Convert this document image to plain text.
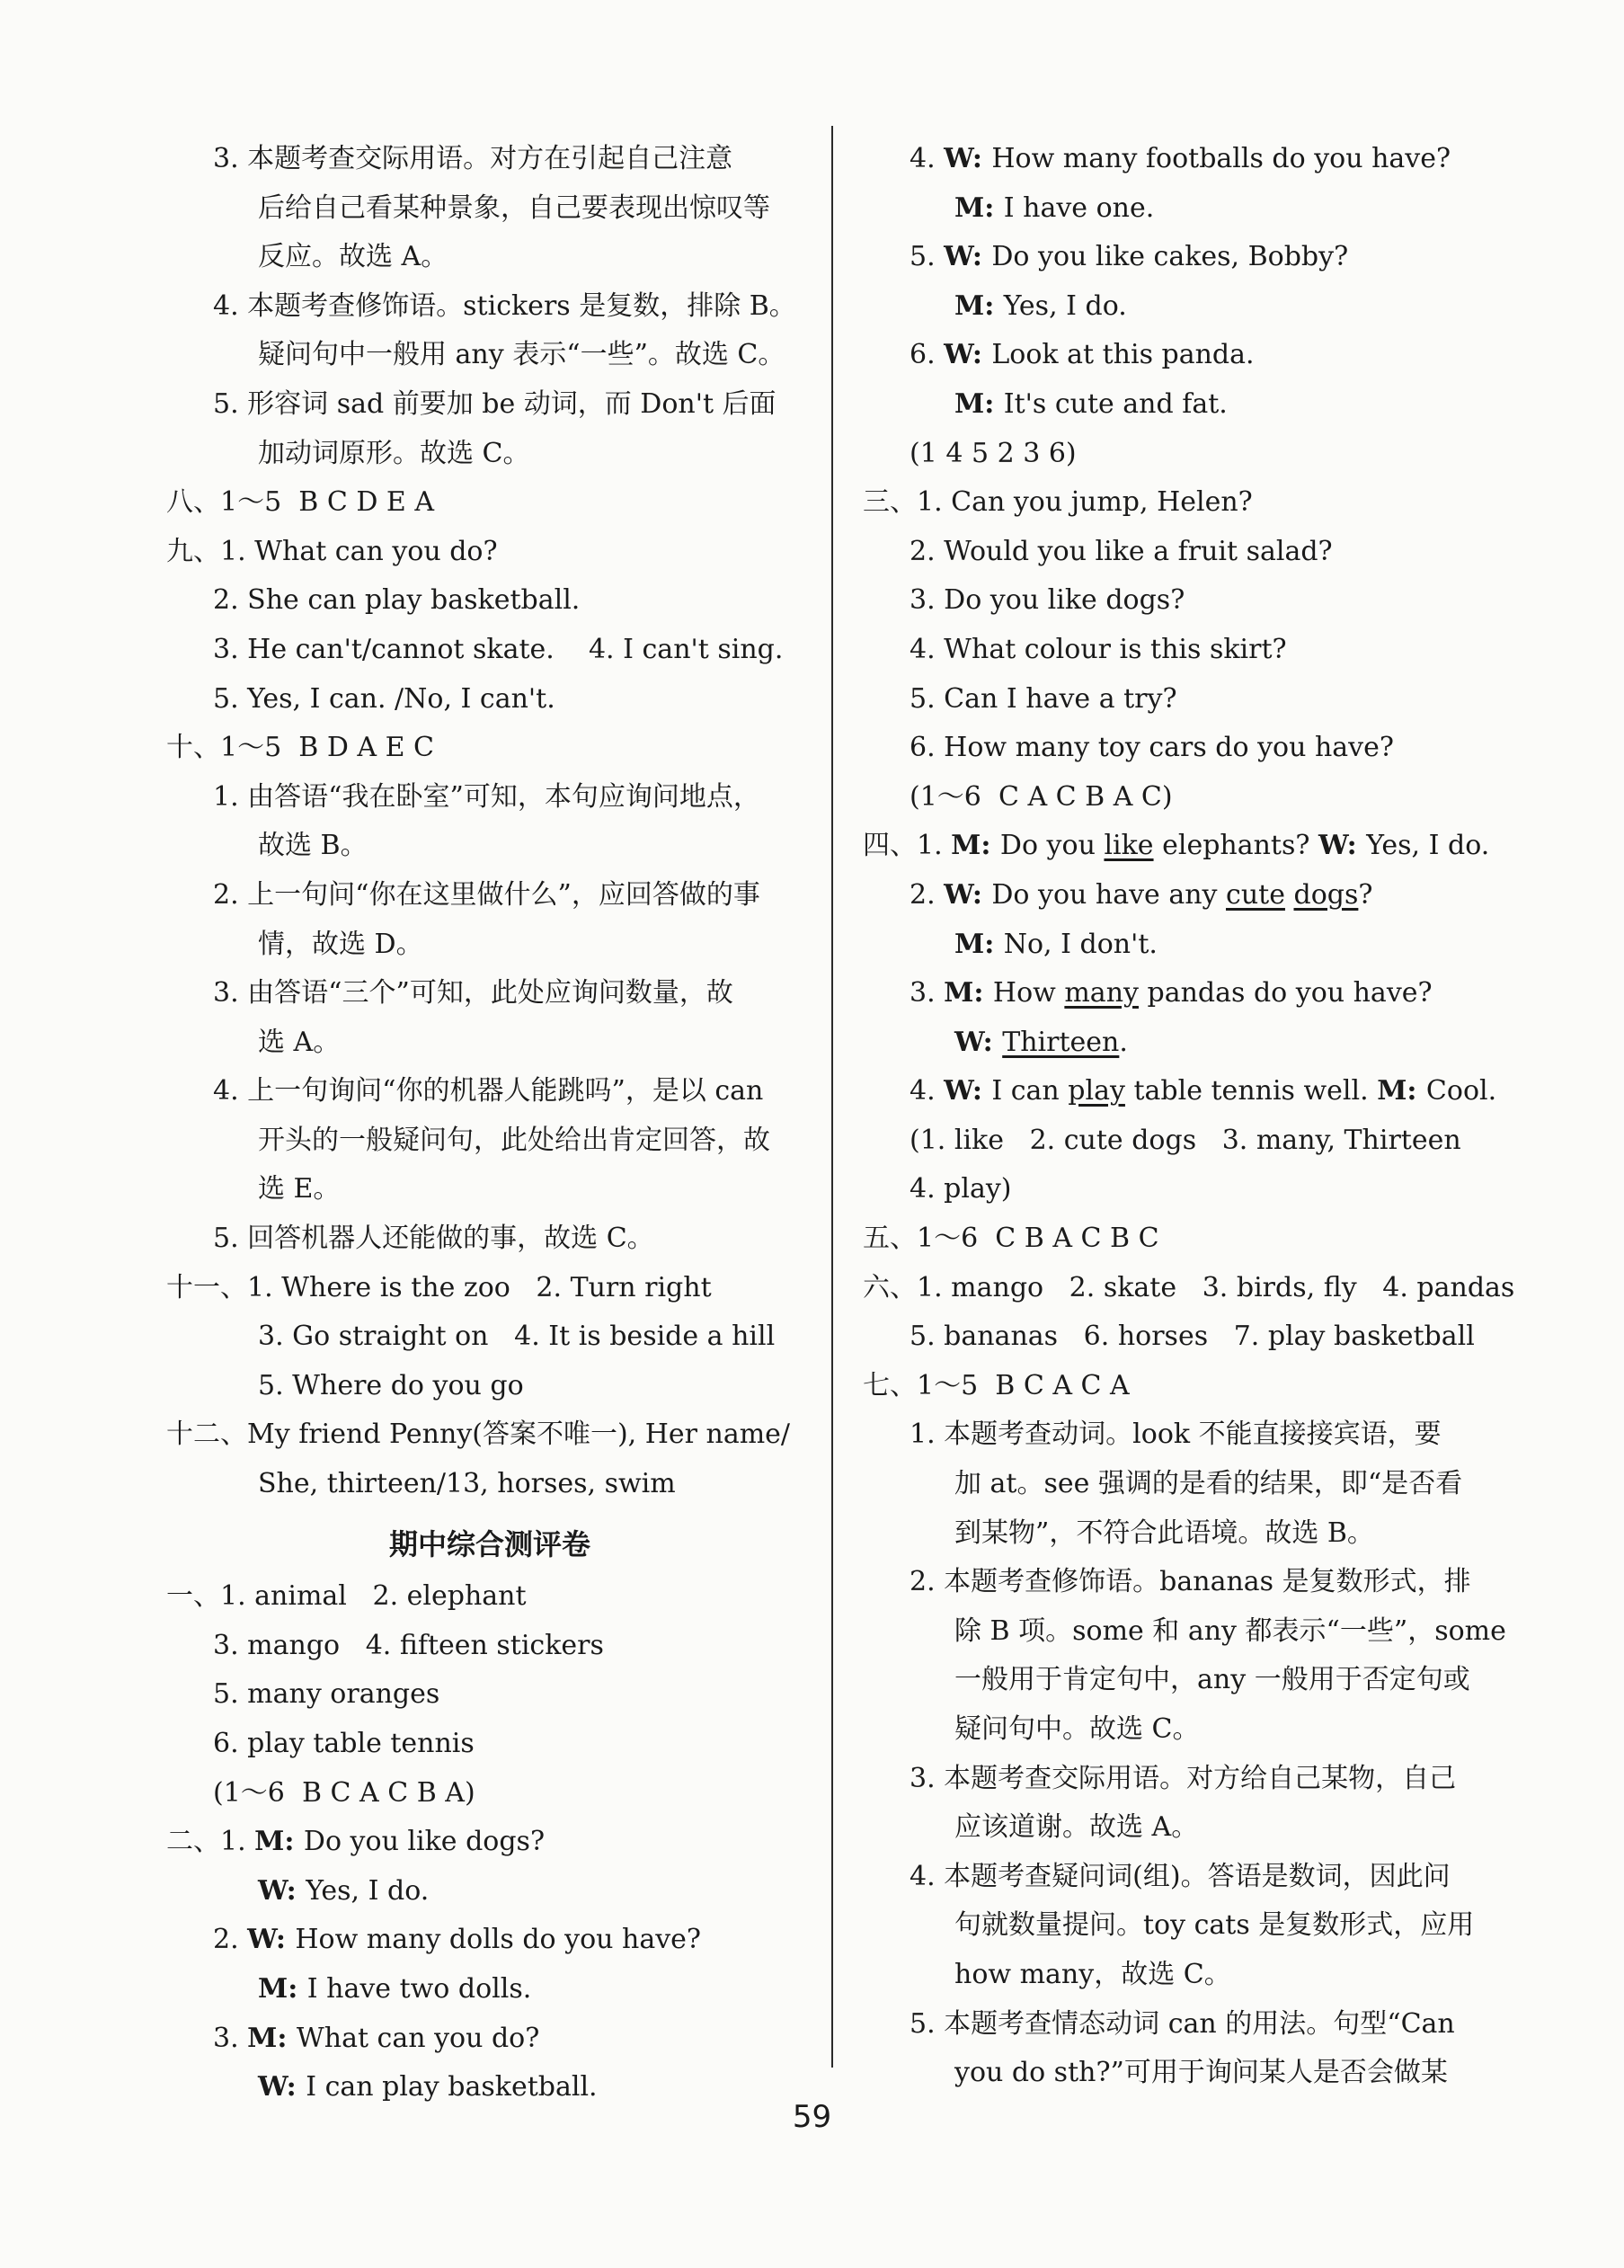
3. 本题考查交际用语。对方在引起自己注意
后给自己看某种景象，自己要表现出惊叹等
反应。故选 A。
4. 本题考查修饰语。stickers 是复数，排除 B。
疑问句中一般用 any 表示“一些”。故选 C。
5. 形容词 sad 前要加 be 动词，而 Don't 后面
加动词原形。故选 C。
八、1～5  B C D E A
九、1. What can you do?
2. She can play basketball.
3. He can't/cannot skate.    4. I can't sing.
5. Yes, I can. /No, I can't.
十、1～5  B D A E C
1. 由答语“我在卧室”可知，本句应询问地点，
故选 B。
2. 上一句问“你在这里做什么”，应回答做的事
情，故选 D。
3. 由答语“三个”可知，此处应询问数量，故
选 A。
4. 上一句询问“你的机器人能跳吗”，是以 can
开头的一般疑问句，此处给出肯定回答，故
选 E。
5. 回答机器人还能做的事，故选 C。
十一、1. Where is the zoo   2. Turn right
3. Go straight on   4. It is beside a hill
5. Where do you go
十二、My friend Penny(答案不唯一), Her name/
She, thirteen/13, horses, swim
期中综合测评卷
一、1. animal   2. elephant
3. mango   4. fifteen stickers
5. many oranges
6. play table tennis
(1～6  B C A C B A)
二、1. M: Do you like dogs?
W: Yes, I do.
2. W: How many dolls do you have?
M: I have two dolls.
3. M: What can you do?
W: I can play basketball.
4. W: How many footballs do you have?
M: I have one.
5. W: Do you like cakes, Bobby?
M: Yes, I do.
6. W: Look at this panda.
M: It's cute and fat.
(1 4 5 2 3 6)
三、1. Can you jump, Helen?
2. Would you like a fruit salad?
3. Do you like dogs?
4. What colour is this skirt?
5. Can I have a try?
6. How many toy cars do you have?
(1～6  C A C B A C)
四、1. M: Do you like elephants? W: Yes, I do.
2. W: Do you have any cute dogs?
M: No, I don't.
3. M: How many pandas do you have?
W: Thirteen.
4. W: I can play table tennis well. M: Cool.
(1. like   2. cute dogs   3. many, Thirteen
4. play)
五、1～6  C B A C B C
六、1. mango   2. skate   3. birds, fly   4. pandas
5. bananas   6. horses   7. play basketball
七、1～5  B C A C A
1. 本题考查动词。look 不能直接接宾语，要
加 at。see 强调的是看的结果，即“是否看
到某物”，不符合此语境。故选 B。
2. 本题考查修饰语。bananas 是复数形式，排
除 B 项。some 和 any 都表示“一些”，some
一般用于肯定句中，any 一般用于否定句或
疑问句中。故选 C。
3. 本题考查交际用语。对方给自己某物，自己
应该道谢。故选 A。
4. 本题考查疑问词(组)。答语是数词，因此问
句就数量提问。toy cats 是复数形式，应用
how many，故选 C。
5. 本题考查情态动词 can 的用法。句型“Can
you do sth?”可用于询问某人是否会做某
59
